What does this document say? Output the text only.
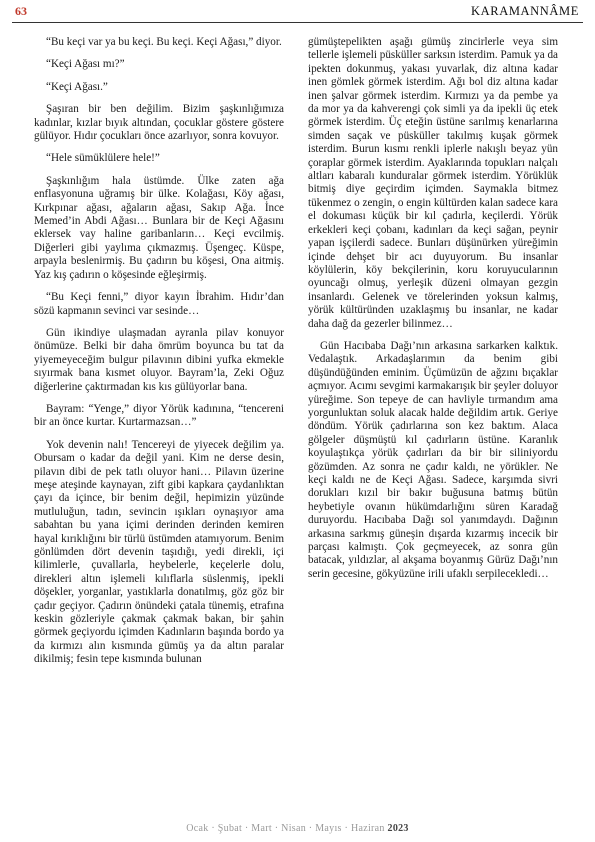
63	KARAMANNÂME

“Bu keçi var ya bu keçi. Bu keçi. Keçi Ağası,” diyor.

“Keçi Ağası mı?”

“Keçi Ağası.”

Şaşıran bir ben değilim. Bizim şaşkınlığımıza kadınlar, kızlar bıyık altından, çocuklar göstere göstere gülüyor. Hıdır çocukları önce azarlıyor, sonra kovuyor.

“Hele sümüklülere hele!”

Şaşkınlığım hala üstümde. Ülke zaten ağa enflasyonuna uğramış bir ülke. Kolağası, Köy ağası, Kırkpınar ağası, ağaların ağası, Sakıp Ağa. İnce Memed’in Abdi Ağası… Bunlara bir de Keçi Ağasını eklersek vay haline garibanların… Keçi evcilmiş. Diğerleri gibi yaylıma çıkmazmış. Üşengeç. Küspe, arpayla beslenirmiş. Bu çadırın bu köşesi, Ona aitmiş. Yaz kış çadırın o köşesinde eğleşirmiş.

“Bu Keçi fenni,” diyor kayın İbrahim. Hıdır’dan sözü kapmanın sevinci var sesinde…

Gün ikindiye ulaşmadan ayranla pilav konuyor önümüze. Belki bir daha ömrüm boyunca bu tat da yiyemeyeceğim bulgur pilavının dibini yufka ekmekle sıyırmak bana kısmet oluyor. Bayram’la, Zeki Oğuz diğerlerine çaktırmadan kıs kıs gülüyorlar bana.

Bayram: “Yenge,” diyor Yörük kadınına, “tencereni bir an önce kurtar. Kurtarmazsan…”

Yok devenin nalı! Tencereyi de yiyecek değilim ya. Obursam o kadar da değil yani. Kim ne derse desin, pilavın dibi de pek tatlı oluyor hani… Pilavın üzerine meşe ateşinde kaynayan, zift gibi kapkara çaydanlıktan çayı da içince, bir benim değil, hepimizin yüzünde mutluluğun, tadın, sevincin ışıkları oynaşıyor ama sabahtan bu yana içimi derinden derinden kemiren hayal kırıklığını bir türlü üstümden atamıyorum. Benim gönlümden dört devenin taşıdığı, yedi direkli, içi kilimlerle, çuvallarla, heybelerle, keçelerle dolu, direkleri altın işlemeli kılıflarla süslenmiş, ipekli döşekler, yorganlar, yastıklarla donatılmış, göz göz bir çadır geçiyor. Çadırın önündeki çatala tünemiş, etrafına keskin gözleriyle çakmak çakmak bakan, bir şahin görmek geçiyordu içimden Kadınların başında bordo ya da kırmızı alın kısmında gümüş ya da altın paralar dikilmiş; fesin tepe kısmında bulunan

gümüştepelikten aşağı gümüş zincirlerle veya sim tellerle işlemeli püsküller sarksın isterdim. Pamuk ya da ipekten dokunmuş, yakası yuvarlak, diz altına kadar inen gömlek görmek isterdim. Ağı bol diz altına kadar inen şalvar görmek isterdim. Kırmızı ya da pembe ya da mor ya da kahverengi çok simli ya da ipekli üç etek görmek isterdim. Üç eteğin üstüne sarılmış kenarlarına simden saçak ve püsküller takılmış kuşak görmek isterdim. Burun kısmı renkli iplerle nakışlı beyaz yün çoraplar görmek isterdim. Ayaklarında topukları nalçalı altları kabaralı kunduralar görmek isterdim. Yörüklük bitmiş diye geçirdim içimden. Saymakla bitmez tükenmez o zengin, o engin kültürden kalan sadece kara el dokuması küçük bir kıl çadırla, keçilerdi. Yörük erkekleri keçi çobanı, kadınları da keçi sağan, peynir yapan işçilerdi sadece. Bunları düşünürken yüreğimin içinde dehşet bir acı duyuyorum. Bu insanlar köylülerin, köy bekçilerinin, koru koruyucularının oyuncağı olmuş, yerleşik düzeni olmayan gezgin insanlardı. Gelenek ve törelerinden yoksun kalmış, yörük kültüründen uzaklaşmış bu insanlar, ne kadar daha dağ da gezerler bilinmez…

Gün Hacıbaba Dağı’nın arkasına sarkarken kalktık. Vedalaştık. Arkadaşlarımın da benim gibi düşündüğünden eminim. Üçümüzün de ağzını bıçaklar açmıyor. Acımı sevgimi karmakarışık bir şeyler doluyor yüreğime. Son tepeye de can havliyle tırmandım ama yorgunluktan soluk alacak halde değildim artık. Geriye döndüm. Yörük çadırlarına son kez baktım. Alaca gölgeler düşmüştü kıl çadırların üstüne. Karanlık koyulaştıkça yörük çadırları da bir bir siliniyordu gözümden. Az sonra ne çadır kaldı, ne yörükler. Ne keçi kaldı ne de Keçi Ağası. Sadece, karşımda sivri dorukları kızıl bir bakır buğusuna batmış bütün heybetiyle ovanın hükümdarlığını süren Karadağ duruyordu. Hacıbaba Dağı sol yanımdaydı. Dağının arkasına sarkmış güneşin dışarda kızarmış incecik bir parçası kalmıştı. Çok geçmeyecek, az sonra gün batacak, yıldızlar, al akşama boyanmış Gürüz Dağı’nın serin gecesine, gökyüzüne irili ufaklı serpilecekledi…

Ocak · Şubat · Mart · Nisan · Mayıs · Haziran 2023
